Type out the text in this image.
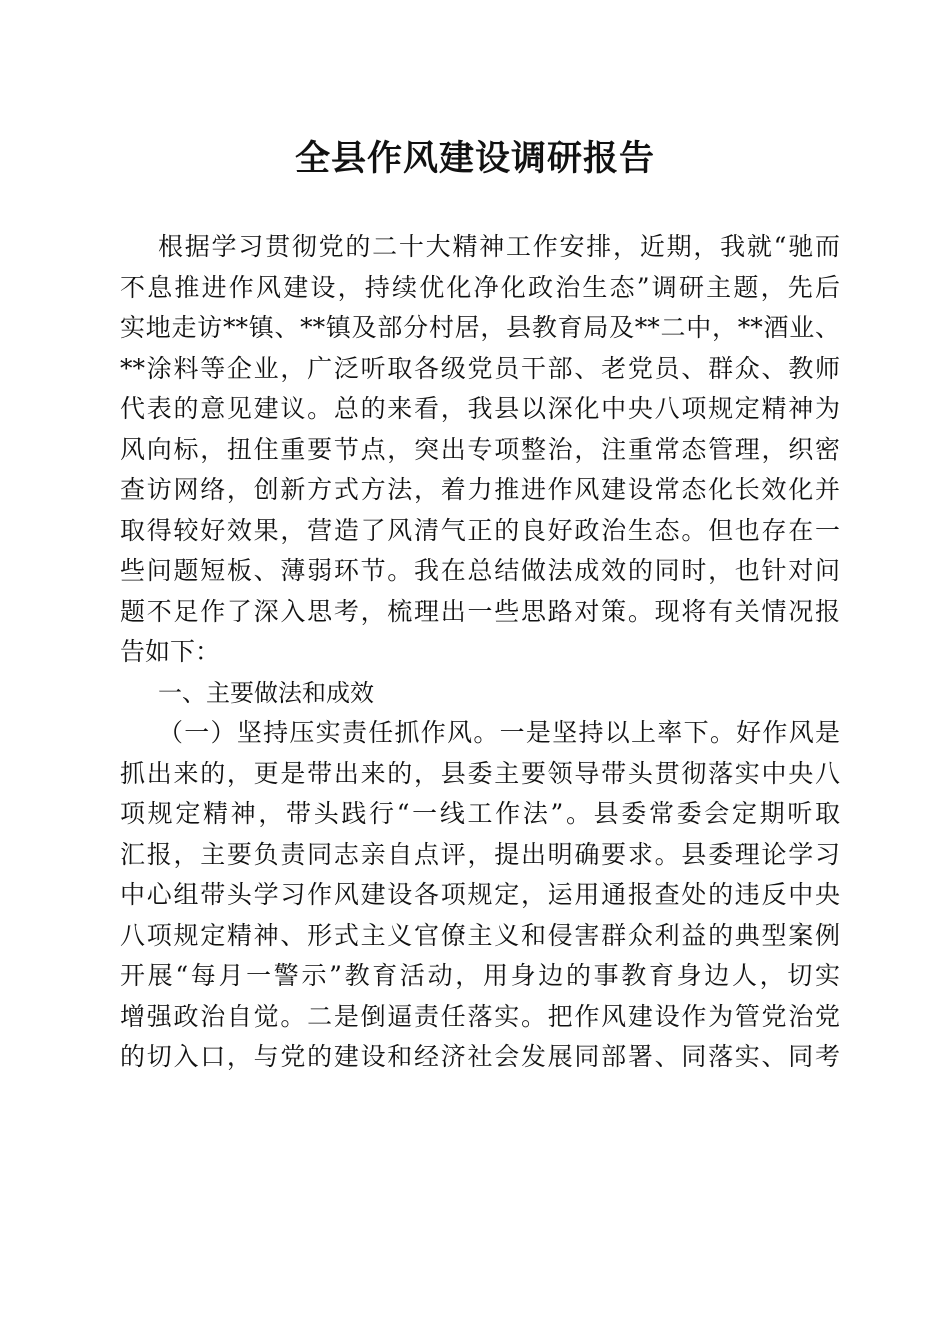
全县作风建设调研报告

根据学习贯彻党的二十大精神工作安排，近期，我就“驰而

不息推进作风建设，持续优化净化政治生态”调研主题，先后

实地走访**镇、**镇及部分村居，县教育局及**二中，**酒业、

**涂料等企业，广泛听取各级党员干部、老党员、群众、教师

代表的意见建议。总的来看，我县以深化中央八项规定精神为

风向标，扭住重要节点，突出专项整治，注重常态管理，织密

查访网络，创新方式方法，着力推进作风建设常态化长效化并

取得较好效果，营造了风清气正的良好政治生态。但也存在一

些问题短板、薄弱环节。我在总结做法成效的同时，也针对问

题不足作了深入思考，梳理出一些思路对策。现将有关情况报

告如下：

一、主要做法和成效

（一）坚持压实责任抓作风。一是坚持以上率下。好作风是

抓出来的，更是带出来的，县委主要领导带头贯彻落实中央八

项规定精神，带头践行“一线工作法”。县委常委会定期听取

汇报，主要负责同志亲自点评，提出明确要求。县委理论学习

中心组带头学习作风建设各项规定，运用通报查处的违反中央

八项规定精神、形式主义官僚主义和侵害群众利益的典型案例

开展“每月一警示”教育活动，用身边的事教育身边人，切实

增强政治自觉。二是倒逼责任落实。把作风建设作为管党治党

的切入口，与党的建设和经济社会发展同部署、同落实、同考
